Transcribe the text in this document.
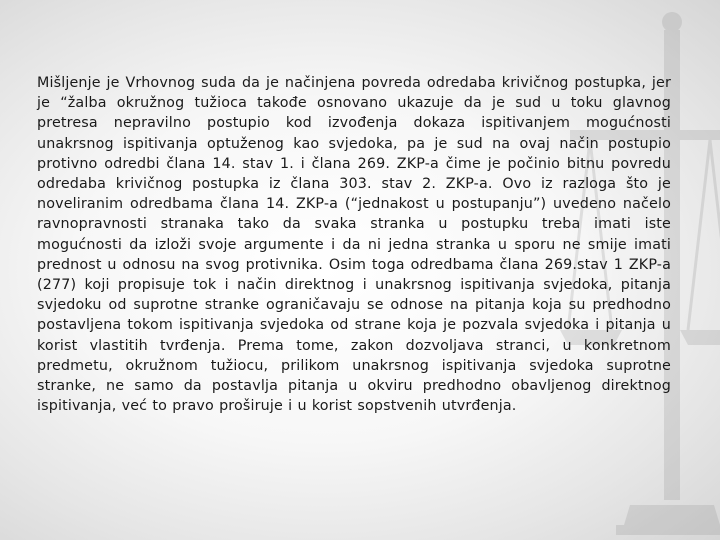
Mišljenje je Vrhovnog suda da je načinjena povreda odredaba krivičnog postupka, jer je “žalba okružnog tužioca takođe osnovano ukazuje da je sud u toku glavnog pretresa nepravilno postupio kod izvođenja dokaza ispitivanjem mogućnosti unakrsnog ispitivanja optuženog kao svjedoka, pa je sud na ovaj način postupio protivno odredbi člana 14. stav 1. i člana 269. ZKP-a čime je počinio bitnu povredu odredaba krivičnog postupka iz člana 303. stav 2. ZKP-a. Ovo iz razloga što je noveliranim odredbama člana 14. ZKP-a (“jednakost u postupanju”) uvedeno načelo ravnopravnosti stranaka tako da svaka stranka u postupku treba imati iste mogućnosti da izloži svoje argumente i da ni jedna stranka u sporu ne smije imati prednost u odnosu na svog protivnika. Osim toga odredbama člana 269.stav 1 ZKP-a (277) koji propisuje tok i način direktnog i unakrsnog ispitivanja svjedoka, pitanja svjedoku od suprotne stranke ograničavaju se odnose na pitanja koja su predhodno postavljena tokom ispitivanja svjedoka od strane koja je pozvala svjedoka i pitanja u korist vlastitih tvrđenja. Prema tome, zakon dozvoljava stranci, u konkretnom predmetu, okružnom tužiocu, prilikom unakrsnog ispitivanja svjedoka suprotne stranke, ne samo da postavlja pitanja u okviru predhodno obavljenog direktnog ispitivanja, već to pravo proširuje i u korist sopstvenih utvrđenja.
